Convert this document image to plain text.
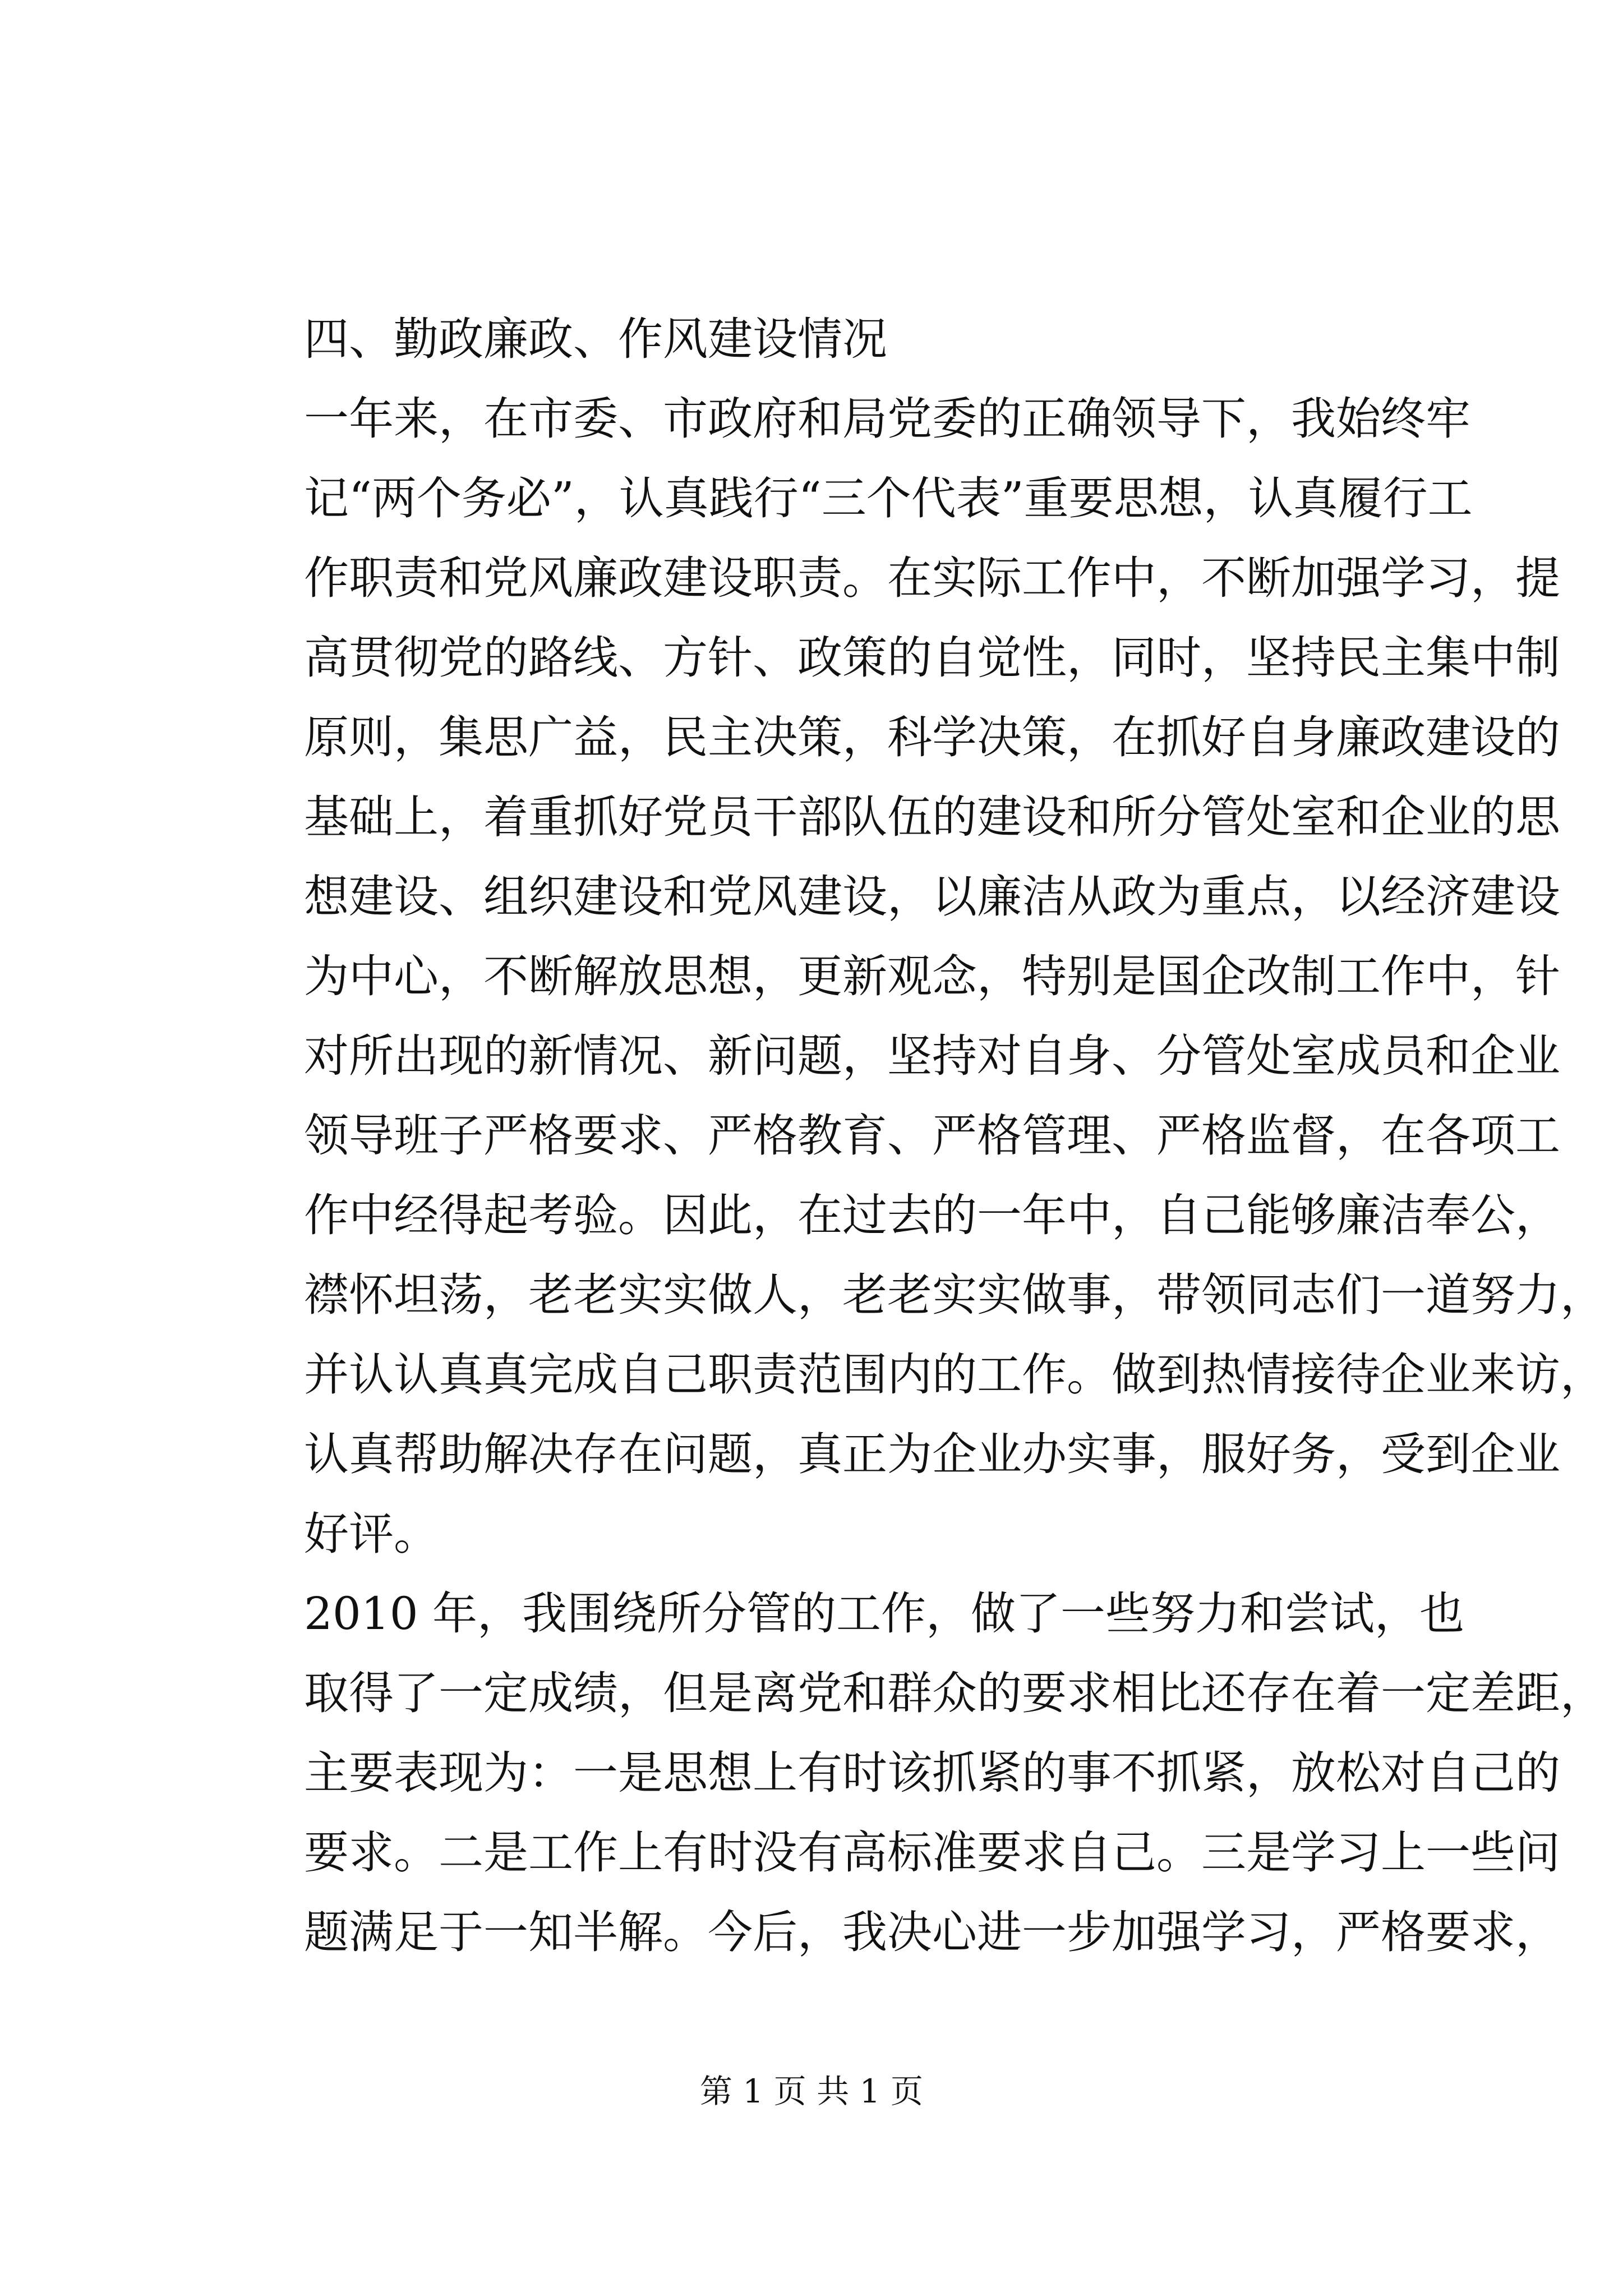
四、勤政廉政、作风建设情况

一年来，在市委、市政府和局党委的正确领导下，我始终牢
记“两个务必”，认真践行“三个代表”重要思想，认真履行工
作职责和党风廉政建设职责。在实际工作中，不断加强学习，提
高贯彻党的路线、方针、政策的自觉性，同时，坚持民主集中制
原则，集思广益，民主决策，科学决策，在抓好自身廉政建设的
基础上，着重抓好党员干部队伍的建设和所分管处室和企业的思
想建设、组织建设和党风建设，以廉洁从政为重点，以经济建设
为中心，不断解放思想，更新观念，特别是国企改制工作中，针
对所出现的新情况、新问题，坚持对自身、分管处室成员和企业
领导班子严格要求、严格教育、严格管理、严格监督，在各项工
作中经得起考验。因此，在过去的一年中，自己能够廉洁奉公，
襟怀坦荡，老老实实做人，老老实实做事，带领同志们一道努力，
并认认真真完成自己职责范围内的工作。做到热情接待企业来访，
认真帮助解决存在问题，真正为企业办实事，服好务，受到企业
好评。
2010 年，我围绕所分管的工作，做了一些努力和尝试，也
取得了一定成绩，但是离党和群众的要求相比还存在着一定差距，
主要表现为：一是思想上有时该抓紧的事不抓紧，放松对自己的
要求。二是工作上有时没有高标准要求自己。三是学习上一些问
题满足于一知半解。今后，我决心进一步加强学习，严格要求，
第 1 页 共 1 页
